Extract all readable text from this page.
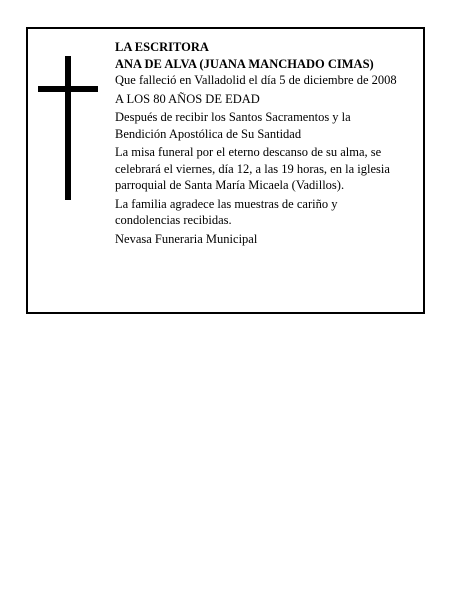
LA ESCRITORA

ANA DE ALVA (JUANA MANCHADO CIMAS)

Que falleció en Valladolid el día 5 de diciembre de 2008

A LOS 80 AÑOS DE EDAD

Después de recibir los Santos Sacramentos y la Bendición Apostólica de Su Santidad

La misa funeral por el eterno descanso de su alma, se celebrará el viernes, día 12, a las 19 horas, en la iglesia parroquial de Santa María Micaela (Vadillos).

La familia agradece las muestras de cariño y condolencias recibidas.

Nevasa Funeraria Municipal
